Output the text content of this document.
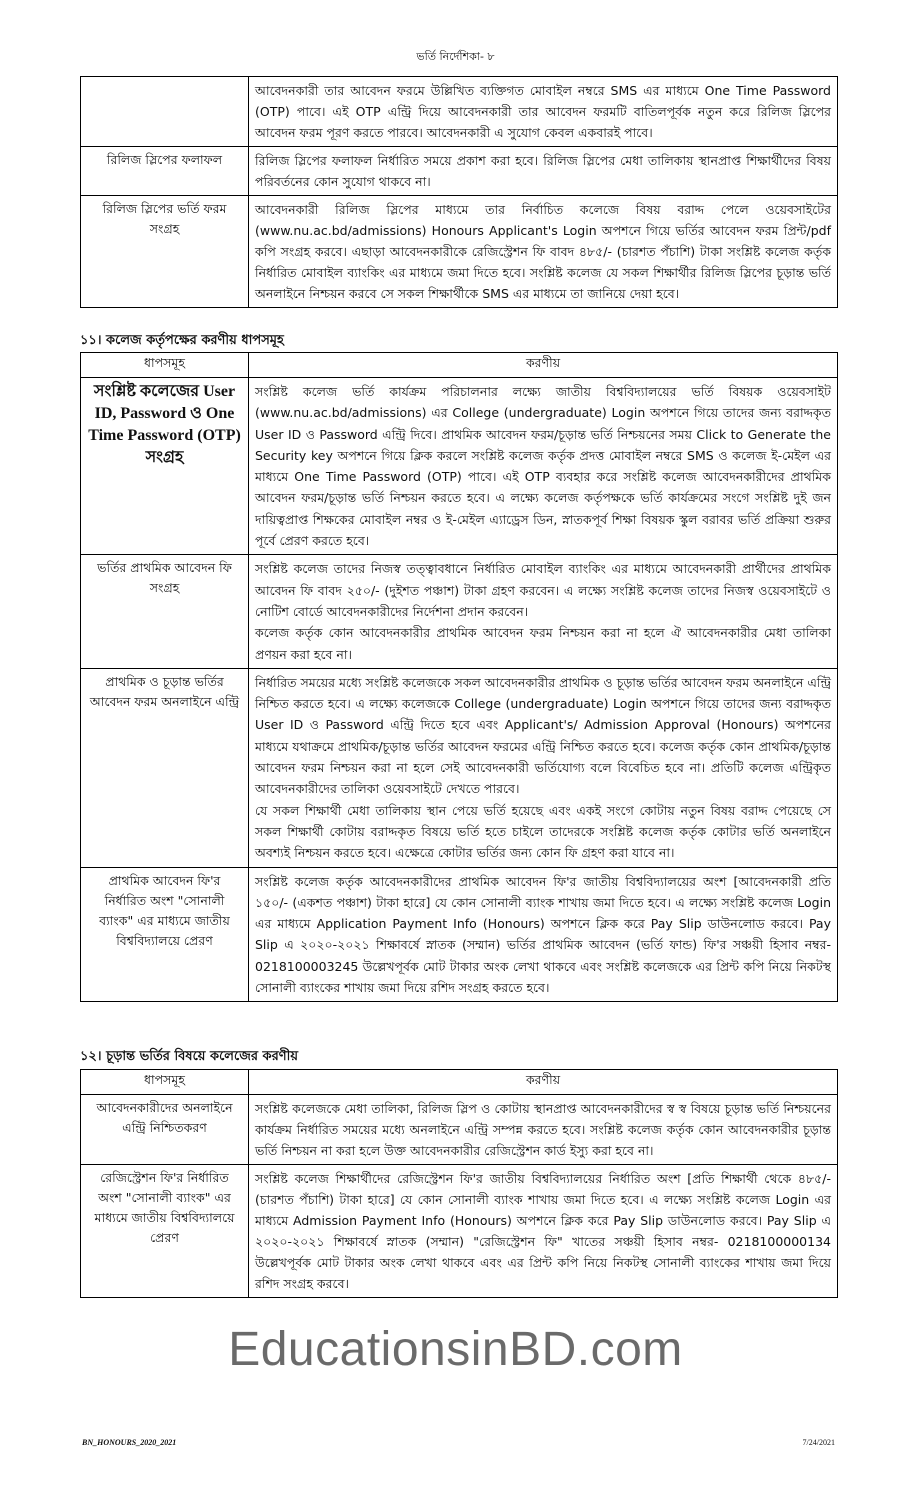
ভর্তি নির্দেশিকা- ৮
	আবেদনকারী তার আবেদন ফরমে উল্লিখিত ব্যক্তিগত মোবাইল নম্বরে SMS এর মাধ্যমে One Time Password (OTP) পাবে। এই OTP এন্ট্রি দিয়ে আবেদনকারী তার আবেদন ফরমটি বাতিলপূর্বক নতুন করে রিলিজ স্লিপের আবেদন ফরম পূরণ করতে পারবে। আবেদনকারী এ সুযোগ কেবল একবারই পাবে।
রিলিজ স্লিপের ফলাফল	রিলিজ স্লিপের ফলাফল নির্ধারিত সময়ে প্রকাশ করা হবে। রিলিজ স্লিপের মেধা তালিকায় স্থানপ্রাপ্ত শিক্ষার্থীদের বিষয় পরিবর্তনের কোন সুযোগ থাকবে না।
রিলিজ স্লিপের ভর্তি ফরম সংগ্রহ	আবেদনকারী রিলিজ স্লিপের মাধ্যমে তার নির্বাচিত কলেজে বিষয় বরাদ্দ পেলে ওয়েবসাইটের (www.nu.ac.bd/admissions) Honours Applicant's Login অপশনে গিয়ে ভর্তির আবেদন ফরম প্রিন্ট/pdf কপি সংগ্রহ করবে। এছাড়া আবেদনকারীকে রেজিস্ট্রেশন ফি বাবদ ৪৮৫/- (চারশত পঁচাশি) টাকা সংশ্লিষ্ট কলেজ কর্তৃক নির্ধারিত মোবাইল ব্যাংকিং এর মাধ্যমে জমা দিতে হবে। সংশ্লিষ্ট কলেজ যে সকল শিক্ষার্থীর রিলিজ স্লিপের চূড়ান্ত ভর্তি অনলাইনে নিশ্চয়ন করবে সে সকল শিক্ষার্থীকে SMS এর মাধ্যমে তা জানিয়ে দেয়া হবে।
১১। কলেজ কর্তৃপক্ষের করণীয় ধাপসমূহ
ধাপসমূহ	করণীয়
সংশ্লিষ্ট কলেজের User ID, Password ও One Time Password (OTP) সংগ্রহ	সংশ্লিষ্ট কলেজ ভর্তি কার্যক্রম পরিচালনার লক্ষ্যে জাতীয় বিশ্ববিদ্যালয়ের ভর্তি বিষয়ক ওয়েবসাইট (www.nu.ac.bd/admissions) এর College (undergraduate) Login অপশনে গিয়ে তাদের জন্য বরাদ্দকৃত User ID ও Password এন্ট্রি দিবে। প্রাথমিক আবেদন ফরম/চূড়ান্ত ভর্তি নিশ্চয়নের সময় Click to Generate the Security key অপশনে গিয়ে ক্লিক করলে সংশ্লিষ্ট কলেজ কর্তৃক প্রদত্ত মোবাইল নম্বরে SMS ও কলেজ ই-মেইল এর মাধ্যমে One Time Password (OTP) পাবে। এই OTP ব্যবহার করে সংশ্লিষ্ট কলেজ আবেদনকারীদের প্রাথমিক আবেদন ফরম/চূড়ান্ত ভর্তি নিশ্চয়ন করতে হবে। এ লক্ষ্যে কলেজ কর্তৃপক্ষকে ভর্তি কার্যক্রমের সংগে সংশ্লিষ্ট দুই জন দায়িত্বপ্রাপ্ত শিক্ষকের মোবাইল নম্বর ও ই-মেইল এ্যাড্রেস ডিন, স্নাতকপূর্ব শিক্ষা বিষয়ক স্কুল বরাবর ভর্তি প্রক্রিয়া শুরুর পূর্বে প্রেরণ করতে হবে।
ভর্তির প্রাথমিক আবেদন ফি সংগ্রহ	সংশ্লিষ্ট কলেজ তাদের নিজস্ব তত্ত্বাবধানে নির্ধারিত মোবাইল ব্যাংকিং এর মাধ্যমে আবেদনকারী প্রার্থীদের প্রাথমিক আবেদন ফি বাবদ ২৫০/- (দুইশত পঞ্চাশ) টাকা গ্রহণ করবেন। এ লক্ষ্যে সংশ্লিষ্ট কলেজ তাদের নিজস্ব ওয়েবসাইটে ও নোটিশ বোর্ডে আবেদনকারীদের নির্দেশনা প্রদান করবেন।

কলেজ কর্তৃক কোন আবেদনকারীর প্রাথমিক আবেদন ফরম নিশ্চয়ন করা না হলে ঐ আবেদনকারীর মেধা তালিকা প্রণয়ন করা হবে না।

প্রাথমিক ও চূড়ান্ত ভর্তির আবেদন ফরম অনলাইনে এন্ট্রি	নির্ধারিত সময়ের মধ্যে সংশ্লিষ্ট কলেজকে সকল আবেদনকারীর প্রাথমিক ও চূড়ান্ত ভর্তির আবেদন ফরম অনলাইনে এন্ট্রি নিশ্চিত করতে হবে। এ লক্ষ্যে কলেজকে College (undergraduate) Login অপশনে গিয়ে তাদের জন্য বরাদ্দকৃত User ID ও Password এন্ট্রি দিতে হবে এবং Applicant's/ Admission Approval (Honours) অপশনের মাধ্যমে যথাক্রমে প্রাথমিক/চূড়ান্ত ভর্তির আবেদন ফরমের এন্ট্রি নিশ্চিত করতে হবে। কলেজ কর্তৃক কোন প্রাথমিক/চূড়ান্ত আবেদন ফরম নিশ্চয়ন করা না হলে সেই আবেদনকারী ভর্তিযোগ্য বলে বিবেচিত হবে না। প্রতিটি কলেজ এন্ট্রিকৃত আবেদনকারীদের তালিকা ওয়েবসাইটে দেখতে পারবে।

যে সকল শিক্ষার্থী মেধা তালিকায় স্থান পেয়ে ভর্তি হয়েছে এবং একই সংগে কোটায় নতুন বিষয় বরাদ্দ পেয়েছে সে সকল শিক্ষার্থী কোটায় বরাদ্দকৃত বিষয়ে ভর্তি হতে চাইলে তাদেরকে সংশ্লিষ্ট কলেজ কর্তৃক কোটার ভর্তি অনলাইনে অবশ্যই নিশ্চয়ন করতে হবে। এক্ষেত্রে কোটার ভর্তির জন্য কোন ফি গ্রহণ করা যাবে না।

প্রাথমিক আবেদন ফি'র নির্ধারিত অংশ "সোনালী ব্যাংক" এর মাধ্যমে জাতীয় বিশ্ববিদ্যালয়ে প্রেরণ	সংশ্লিষ্ট কলেজ কর্তৃক আবেদনকারীদের প্রাথমিক আবেদন ফি'র জাতীয় বিশ্ববিদ্যালয়ের অংশ [আবেদনকারী প্রতি ১৫০/- (একশত পঞ্চাশ) টাকা হারে] যে কোন সোনালী ব্যাংক শাখায় জমা দিতে হবে। এ লক্ষ্যে সংশ্লিষ্ট কলেজ Login এর মাধ্যমে Application Payment Info (Honours) অপশনে ক্লিক করে Pay Slip ডাউনলোড করবে। Pay Slip এ ২০২০-২০২১ শিক্ষাবর্ষে স্নাতক (সম্মান) ভর্তির প্রাথমিক আবেদন (ভর্তি ফান্ড) ফি'র সঞ্চয়ী হিসাব নম্বর- 0218100003245 উল্লেখপূর্বক মোট টাকার অংক লেখা থাকবে এবং সংশ্লিষ্ট কলেজকে এর প্রিন্ট কপি নিয়ে নিকটস্থ সোনালী ব্যাংকের শাখায় জমা দিয়ে রশিদ সংগ্রহ করতে হবে।
১২। চূড়ান্ত ভর্তির বিষয়ে কলেজের করণীয়
ধাপসমূহ	করণীয়
আবেদনকারীদের অনলাইনে এন্ট্রি নিশ্চিতকরণ	সংশ্লিষ্ট কলেজকে মেধা তালিকা, রিলিজ স্লিপ ও কোটায় স্থানপ্রাপ্ত আবেদনকারীদের স্ব স্ব বিষয়ে চূড়ান্ত ভর্তি নিশ্চয়নের কার্যক্রম নির্ধারিত সময়ের মধ্যে অনলাইনে এন্ট্রি সম্পন্ন করতে হবে। সংশ্লিষ্ট কলেজ কর্তৃক কোন আবেদনকারীর চূড়ান্ত ভর্তি নিশ্চয়ন না করা হলে উক্ত আবেদনকারীর রেজিস্ট্রেশন কার্ড ইস্যু করা হবে না।
রেজিস্ট্রেশন ফি'র নির্ধারিত অংশ "সোনালী ব্যাংক" এর মাধ্যমে জাতীয় বিশ্ববিদ্যালয়ে প্রেরণ	সংশ্লিষ্ট কলেজ শিক্ষার্থীদের রেজিস্ট্রেশন ফি'র জাতীয় বিশ্ববিদ্যালয়ের নির্ধারিত অংশ [প্রতি শিক্ষার্থী থেকে ৪৮৫/- (চারশত পঁচাশি) টাকা হারে] যে কোন সোনালী ব্যাংক শাখায় জমা দিতে হবে। এ লক্ষ্যে সংশ্লিষ্ট কলেজ Login এর মাধ্যমে Admission Payment Info (Honours) অপশনে ক্লিক করে Pay Slip ডাউনলোড করবে। Pay Slip এ ২০২০-২০২১ শিক্ষাবর্ষে স্নাতক (সম্মান) "রেজিস্ট্রেশন ফি" খাতের সঞ্চয়ী হিসাব নম্বর- 0218100000134 উল্লেখপূর্বক মোট টাকার অংক লেখা থাকবে এবং এর প্রিন্ট কপি নিয়ে নিকটস্থ সোনালী ব্যাংকের শাখায় জমা দিয়ে রশিদ সংগ্রহ করবে।
EducationsinBD.com
BN_HONOURS_2020_2021	7/24/2021
